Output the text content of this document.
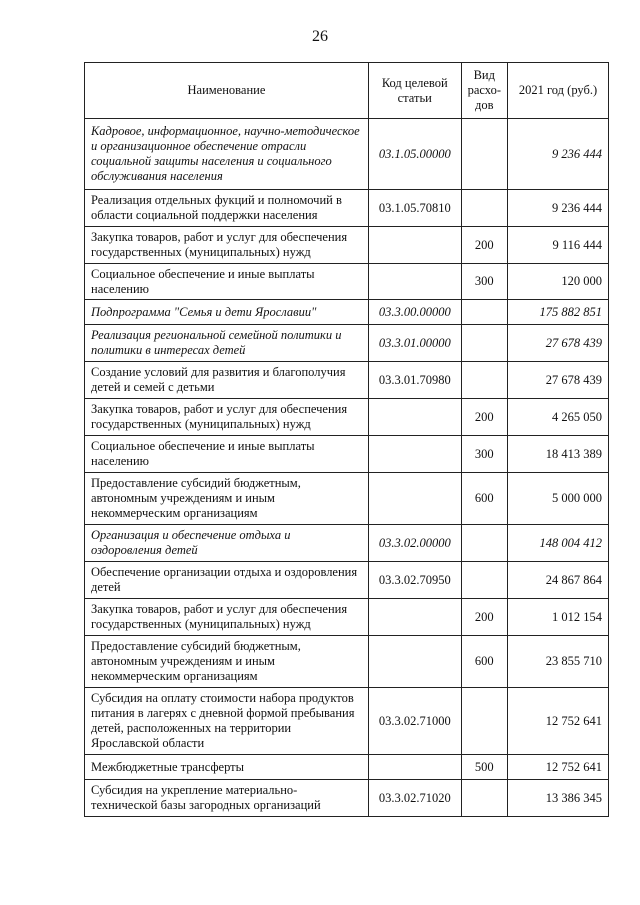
26
Наименование	Код целевой статьи	Вид расхо-дов	2021 год (руб.)
Кадровое, информационное, научно-методическое и организационное обеспечение отрасли социальной защиты населения и социального обслуживания населения	03.1.05.00000		9 236 444
Реализация отдельных фукций и полномочий в области социальной поддержки населения	03.1.05.70810		9 236 444
Закупка товаров, работ и услуг для обеспечения государственных (муниципальных) нужд		200	9 116 444
Социальное обеспечение и иные выплаты населению		300	120 000
Подпрограмма "Семья и дети Ярославии"	03.3.00.00000		175 882 851
Реализация региональной семейной политики и политики в интересах детей	03.3.01.00000		27 678 439
Создание условий для развития и благополучия детей и семей с детьми	03.3.01.70980		27 678 439
Закупка товаров, работ и услуг для обеспечения государственных (муниципальных) нужд		200	4 265 050
Социальное обеспечение и иные выплаты населению		300	18 413 389
Предоставление субсидий бюджетным, автономным учреждениям и иным некоммерческим организациям		600	5 000 000
Организация и обеспечение отдыха и оздоровления детей	03.3.02.00000		148 004 412
Обеспечение организации отдыха и оздоровления детей	03.3.02.70950		24 867 864
Закупка товаров, работ и услуг для обеспечения государственных (муниципальных) нужд		200	1 012 154
Предоставление субсидий бюджетным, автономным учреждениям и иным некоммерческим организациям		600	23 855 710
Субсидия на оплату стоимости набора продуктов питания в лагерях с дневной формой пребывания детей, расположенных на территории Ярославской области	03.3.02.71000		12 752 641
Межбюджетные трансферты		500	12 752 641
Субсидия на укрепление материально-технической базы загородных организаций	03.3.02.71020		13 386 345
